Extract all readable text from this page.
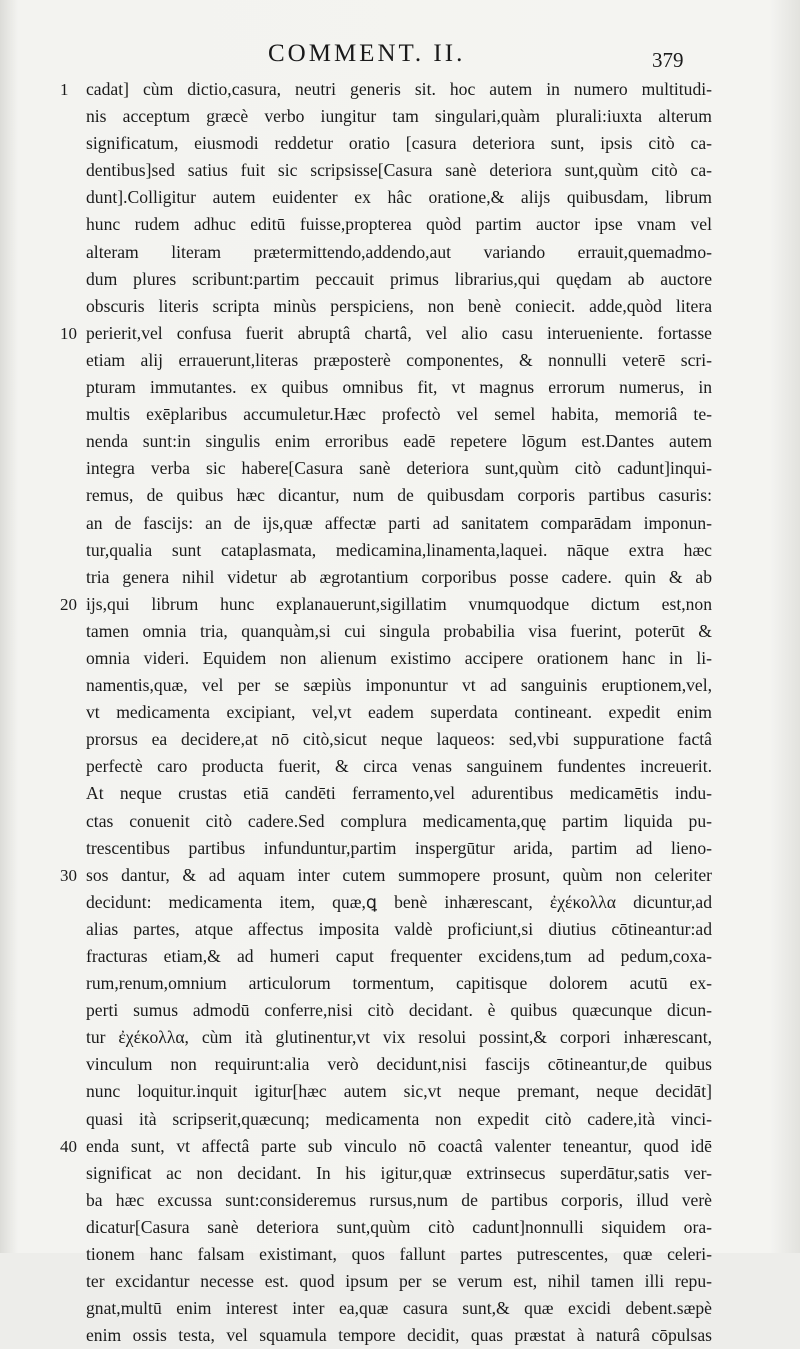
COMMENT. II.	379
1 cadat] cùm dictio,casura, neutri generis sit. hoc autem in numero multitudi-
nis acceptum græcè verbo iungitur tam singulari,quàm plurali:iuxta alterum
significatum, eiusmodi reddetur oratio [casura deteriora sunt, ipsis citò ca-
dentibus]sed satius fuit sic scripsisse[Casura sanè deteriora sunt,quùm citò ca-
dunt].Colligitur autem euidenter ex hâc oratione,& alijs quibusdam, librum
hunc rudem adhuc editū fuisse,propterea quòd partim auctor ipse vnam vel
alteram literam prætermittendo,addendo,aut variando errauit,quemadmo-
dum plures scribunt:partim peccauit primus librarius,qui quędam ab auctore
obscuris literis scripta minùs perspiciens, non benè coniecit. adde,quòd litera
10 perierit,vel confusa fuerit abruptâ chartâ, vel alio casu interueniente. fortasse
etiam alij errauerunt,literas præposterè componentes, & nonnulli veterē scri-
pturam immutantes. ex quibus omnibus fit, vt magnus errorum numerus, in
multis exēplaribus accumuletur.Hæc profectò vel semel habita, memoriâ te-
nenda sunt:in singulis enim erroribus eadē repetere lōgum est.Dantes autem
integra verba sic habere[Casura sanè deteriora sunt,quùm citò cadunt]inqui-
remus, de quibus hæc dicantur, num de quibusdam corporis partibus casuris:
an de fascijs: an de ijs,quæ affectæ parti ad sanitatem comparādam imponun-
tur,qualia sunt cataplasmata, medicamina,linamenta,laquei. nāque extra hæc
tria genera nihil videtur ab ægrotantium corporibus posse cadere. quin & ab
20 ijs,qui librum hunc explanauerunt,sigillatim vnumquodque dictum est,non
tamen omnia tria, quanquàm,si cui singula probabilia visa fuerint, poterūt &
omnia videri. Equidem non alienum existimo accipere orationem hanc in li-
namentis,quæ, vel per se sæpiùs imponuntur vt ad sanguinis eruptionem,vel,
vt medicamenta excipiant, vel,vt eadem superdata contineant. expedit enim
prorsus ea decidere,at nō citò,sicut neque laqueos: sed,vbi suppuratione factâ
perfectè caro producta fuerit, & circa venas sanguinem fundentes increuerit.
At neque crustas etiā candēti ferramento,vel adurentibus medicamētis indu-
ctas conuenit citò cadere.Sed complura medicamenta,quę partim liquida pu-
trescentibus partibus infunduntur,partim inspergūtur arida, partim ad lieno-
30 sos dantur, & ad aquam inter cutem summopere prosunt, quùm non celeriter
decidunt: medicamenta item, quæ,ꝗ benè inhærescant, ἐχέκολλα dicuntur,ad
alias partes, atque affectus imposita valdè proficiunt,si diutius cōtineantur:ad
fracturas etiam,& ad humeri caput frequenter excidens,tum ad pedum,coxa-
rum,renum,omnium articulorum tormentum, capitisque dolorem acutū ex-
perti sumus admodū conferre,nisi citò decidant. è quibus quæcunque dicun-
tur ἐχέκολλα, cùm ità glutinentur,vt vix resolui possint,& corpori inhærescant,
vinculum non requirunt:alia verò decidunt,nisi fascijs cōtineantur,de quibus
nunc loquitur.inquit igitur[hæc autem sic,vt neque premant, neque decidāt]
quasi ità scripserit,quæcunq; medicamenta non expedit citò cadere,ità vinci-
40 enda sunt, vt affectâ parte sub vinculo nō coactâ valenter teneantur, quod idē
significat ac non decidant. In his igitur,quæ extrinsecus superdātur,satis ver-
ba hæc excussa sunt:consideremus rursus,num de partibus corporis, illud verè
dicatur[Casura sanè deteriora sunt,quùm citò cadunt]nonnulli siquidem ora-
tionem hanc falsam existimant, quos fallunt partes putrescentes, quæ celeri-
ter excidantur necesse est. quod ipsum per se verum est, nihil tamen illi repu-
gnat,multū enim interest inter ea,quæ casura sunt,& quæ excidi debent.sæpè
enim ossis testa, vel squamula tempore decidit, quas præstat à naturâ cōpulsas
